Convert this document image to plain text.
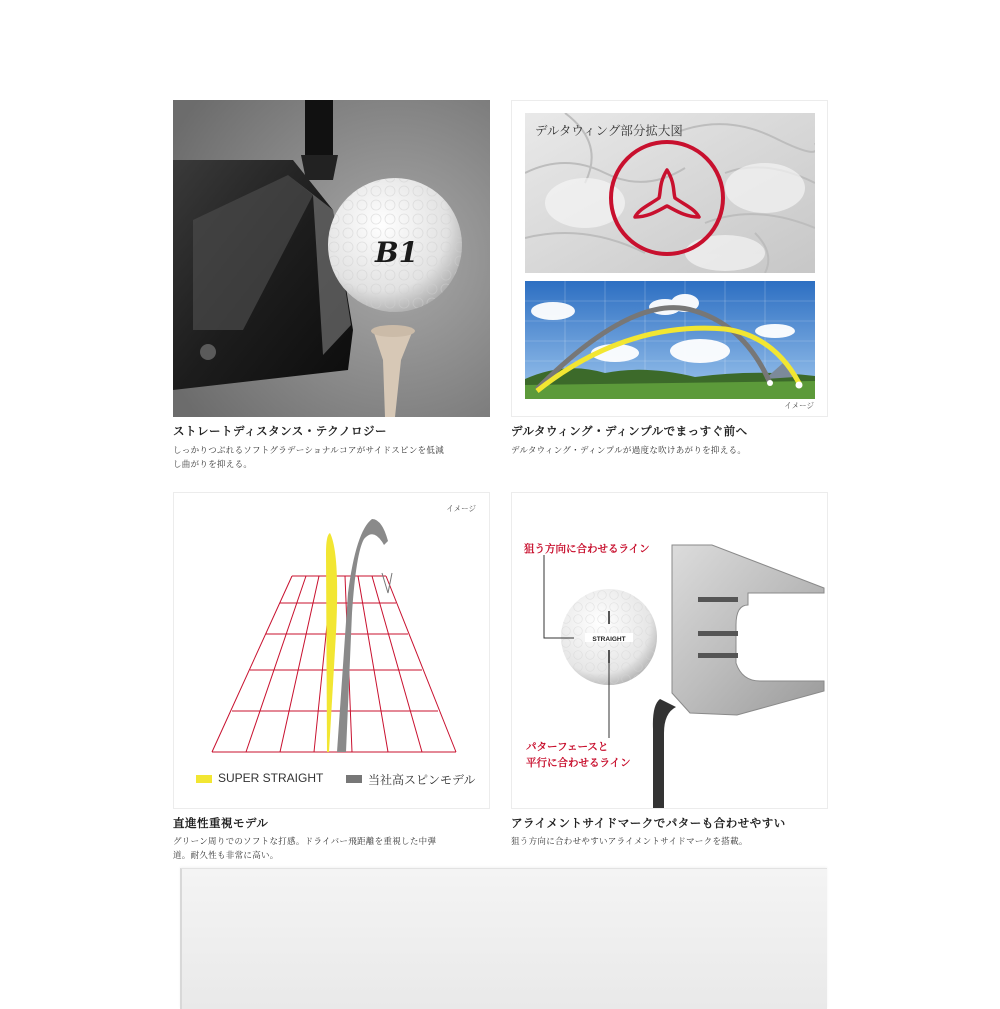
B1

ストレートディスタンス・テクノロジー

しっかりつぶれるソフトグラデーショナルコアがサイドスピンを低減

し曲がりを抑える。

デルタウィング部分拡大図
イメージ

デルタウィング・ディンプルでまっすぐ前へ

デルタウィング・ディンプルが過度な吹けあがりを抑える。

イメージ
SUPER STRAIGHT	当社高スピンモデル

直進性重視モデル

グリーン周りでのソフトな打感。ドライバー飛距離を重視した中弾

道。耐久性も非常に高い。

STRAIGHT
狙う方向に合わせるライン
パターフェースと
平行に合わせるライン

アライメントサイドマークでパターも合わせやすい

狙う方向に合わせやすいアライメントサイドマークを搭載。
